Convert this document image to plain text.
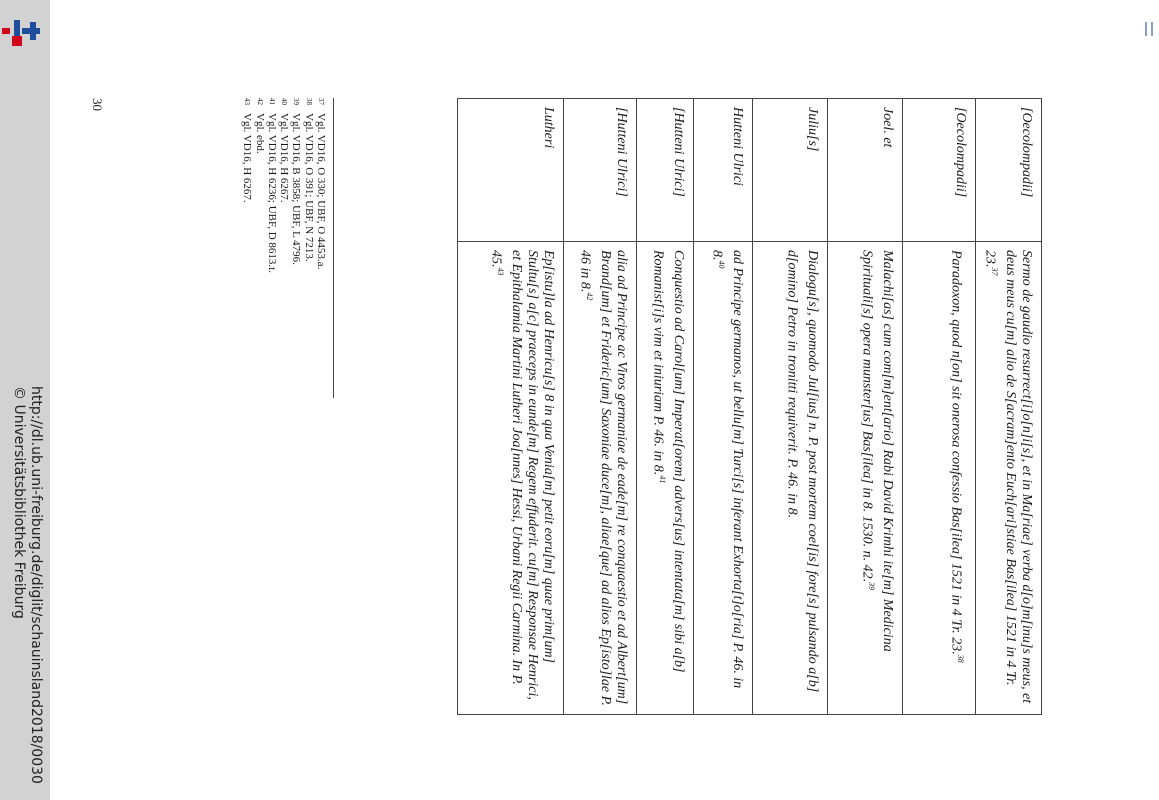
http://dl.ub.uni-freiburg.de/diglit/schauinsland2018/0030
© Universitätsbibliothek Freiburg
[Oecolompadii]	Sermo de gaudio resurrect[i]o[n]i[s], et in Ma[riae] verba d[o]m[inu]s meus, et deus meus cu[m] alio de S[acram]ento Euch[ari]stiae Bas[ilea] 1521 in 4 Tr. 23.37
[Oecolompadii]	Paradoxon, quod n[on] sit onerosa confessio Bas[ilea] 1521 in 4 Tr. 23.38
Joel. et	Malachi[as] cum com[m]ent[ario] Rabi David Krimhi ite[m] Medicina Spirituali[s] opera munster[us] Bas[ilea] in 8. 1530. n. 42.39
Juliu[s]	Dialogu[s], quomodo Jul[ius] n. P. post mortem coel[is] fore[s] pulsando a[b] d[omino] Petro in tronitti requiverit. P. 46. in 8.
Hutteni Ulrici	ad Principe germanos, ut bellu[m] Turci[s] inferant Exhorta[t]o[ria] P. 46. in 8.40
[Hutteni Ulrici]	Conquestio ad Carol[um] Imperat[orem] advers[us] intentata[m] sibi a[b] Romanist[i]s vim et iniuriam P. 46. in 8.41
[Hutteni Ulrici]	alia ad Principe ac Viros germaniae de eade[m] re conquaestio et ad Albert[um] Brand[um] et Frideric[um] Saxoniae duce[m], aliae[que] ad alios Ep[isto]lae P. 46 in 8.42
Lutheri	Ep[istu]la ad Henricu[s] 8 in qua Venia[m] petit eoru[m] quae prim[um] Stultu[s] a[c] praeceps in eunde[m] Regem effuderit. cu[m] Responsae Henrici, et Epithalamia Martini Lutheri Joa[nnes] Hessi, Urbani Regii Carmina. In P. 45.43
$^{37}$Vgl. VD16, O 330; UBF, O 4453.a.
$^{38}$Vgl. VD16, O 391; UBF, N 7213.
$^{39}$Vgl. VD16, B 3858; UBF, L 4796.
$^{40}$Vgl. VD16, H 6267.
$^{41}$Vgl. VD16, H 6236; UBF, D 8613.t.
$^{42}$Vgl. ebd.
$^{43}$Vgl. VD16, H 6267.
30
